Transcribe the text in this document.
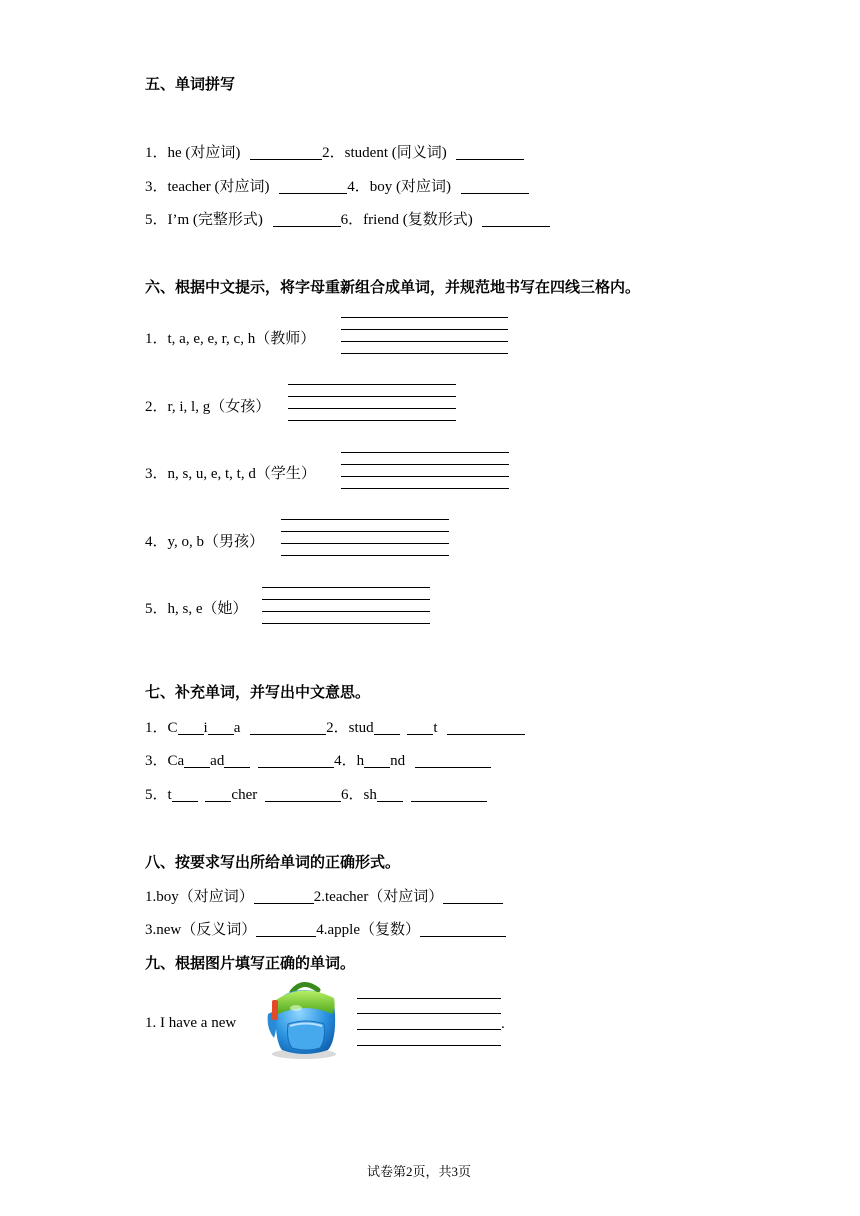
五、单词拼写
1．he (对应词)	2．student (同义词)
3．teacher (对应词)	4．boy (对应词)
5．I’m (完整形式)	6．friend (复数形式)
六、根据中文提示，将字母重新组合成单词，并规范地书写在四线三格内。
1．t, a, e, e, r, c, h（教师）
2．r, i, l, g（女孩）
3．n, s, u, e, t, t, d（学生）
4．y, o, b（男孩）
5．h, s, e（她）
七、补充单词，并写出中文意思。
1．C i a	2．stud	t
3．Ca ad	4．h nd
5．t	cher	6．sh
八、按要求写出所给单词的正确形式。
1.boy（对应词）	2.teacher（对应词）
3.new（反义词）	4.apple（复数）
九、根据图片填写正确的单词。
1. I have a new	.
试卷第2页，共3页
